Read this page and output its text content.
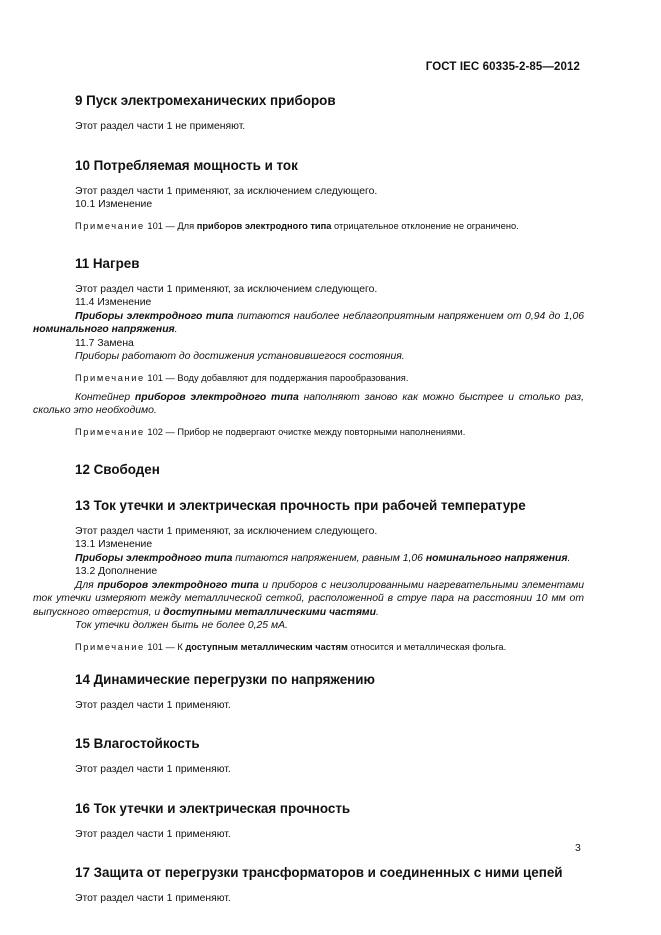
ГОСТ IEC 60335-2-85—2012
9 Пуск электромеханических приборов

Этот раздел части 1 не применяют.

10 Потребляемая мощность и ток

Этот раздел части 1 применяют, за исключением следующего.

10.1 Изменение

Примечание 101 — Для приборов электродного типа отрицательное отклонение не ограничено.

11 Нагрев

Этот раздел части 1 применяют, за исключением следующего.

11.4 Изменение

Приборы электродного типа питаются наиболее неблагоприятным напряжением от 0,94 до 1,06 номинального напряжения.

11.7 Замена

Приборы работают до достижения установившегося состояния.

Примечание 101 — Воду добавляют для поддержания парообразования.

Контейнер приборов электродного типа наполняют заново как можно быстрее и столько раз, сколько это необходимо.

Примечание 102 — Прибор не подвергают очистке между повторными наполнениями.

12 Свободен
13 Ток утечки и электрическая прочность при рабочей температуре

Этот раздел части 1 применяют, за исключением следующего.

13.1 Изменение

Приборы электродного типа питаются напряжением, равным 1,06 номинального напряжения.

13.2 Дополнение

Для приборов электродного типа и приборов с неизолированными нагревательными элементами ток утечки измеряют между металлической сеткой, расположенной в струе пара на расстоянии 10 мм от выпускного отверстия, и доступными металлическими частями.

Ток утечки должен быть не более 0,25 мА.

Примечание 101 — К доступным металлическим частям относится и металлическая фольга.

14 Динамические перегрузки по напряжению

Этот раздел части 1 применяют.

15 Влагостойкость

Этот раздел части 1 применяют.

16 Ток утечки и электрическая прочность

Этот раздел части 1 применяют.

17 Защита от перегрузки трансформаторов и соединенных с ними цепей

Этот раздел части 1 применяют.

3
